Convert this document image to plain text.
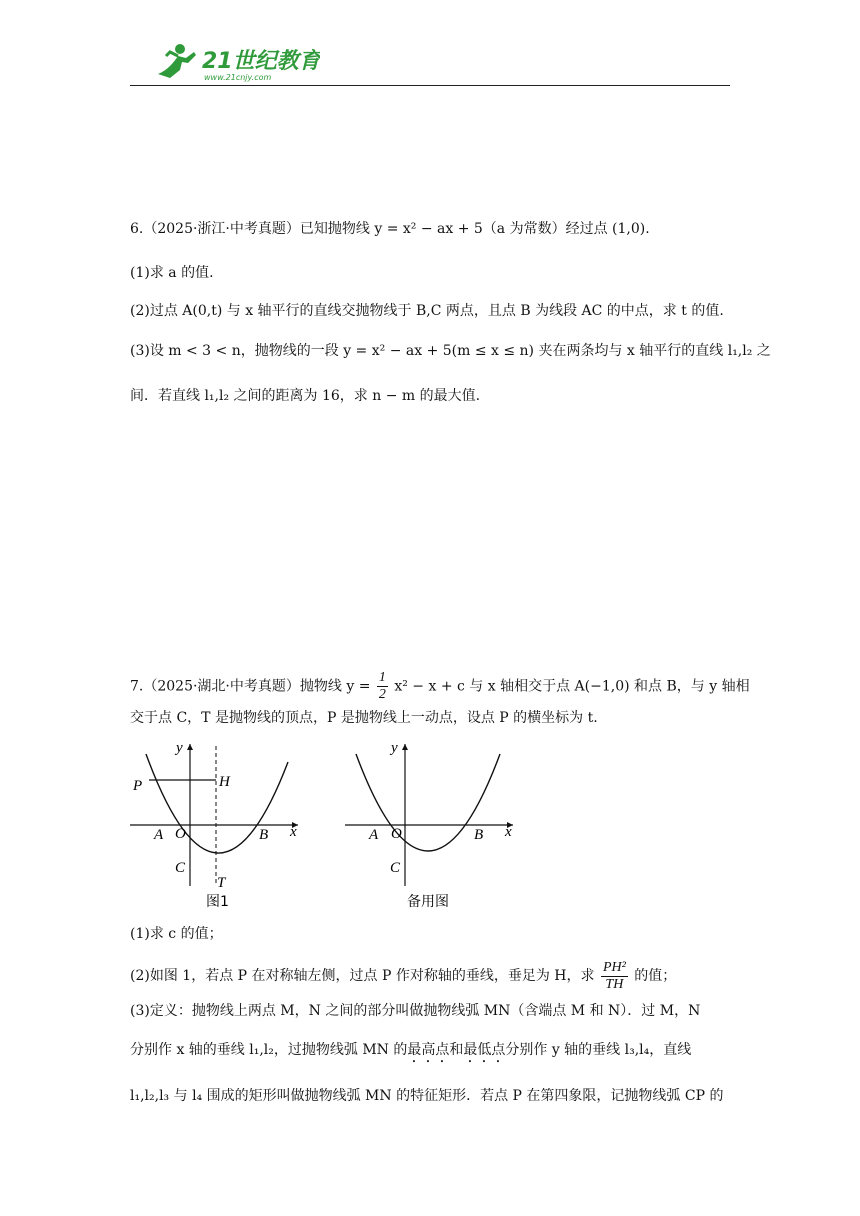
21世纪教育
www.21cnjy.com
6.（2025·浙江·中考真题）已知抛物线 y = x² − ax + 5（a 为常数）经过点 (1,0).
(1)求 a 的值.
(2)过点 A(0,t) 与 x 轴平行的直线交抛物线于 B,C 两点，且点 B 为线段 AC 的中点，求 t 的值.
(3)设 m < 3 < n，抛物线的一段 y = x² − ax + 5(m ≤ x ≤ n) 夹在两条均与 x 轴平行的直线 l₁,l₂ 之
间．若直线 l₁,l₂ 之间的距离为 16，求 n − m 的最大值.
7.（2025·湖北·中考真题）抛物线 $y = \frac{1}{2} x^2 - x + c$ 与 x 轴相交于点 A(−1,0) 和点 B，与 y 轴相
交于点 C，T 是抛物线的顶点，P 是抛物线上一动点，设点 P 的横坐标为 t.
y
x
P	H
A O	B
C
T
图1
y
x
A O	B
C
备用图
(1)求 c 的值；
(2)如图 1，若点 P 在对称轴左侧，过点 P 作对称轴的垂线，垂足为 H，求 $\frac{\text{PH²}}{TH}$ 的值；
(3)定义：抛物线上两点 M，N 之间的部分叫做抛物线弧 MN（含端点 M 和 N）．过 M，N
分别作 x 轴的垂线 l₁,l₂，过抛物线弧 MN 的最高点和最低点分别作 y 轴的垂线 l₃,l₄，直线
l₁,l₂,l₃ 与 l₄ 围成的矩形叫做抛物线弧 MN 的特征矩形．若点 P 在第四象限，记抛物线弧 CP 的
